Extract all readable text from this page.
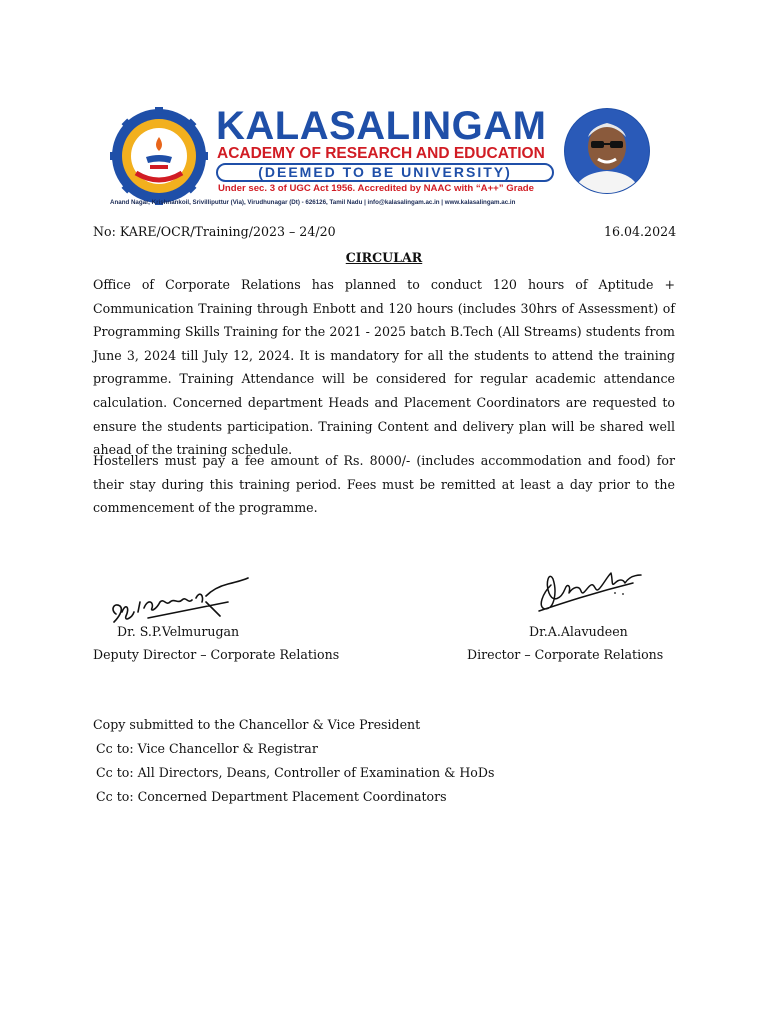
KALASALINGAM
ACADEMY OF RESEARCH AND EDUCATION
(DEEMED TO BE UNIVERSITY)
Under sec. 3 of UGC Act 1956. Accredited by NAAC with “A++” Grade
Anand Nagar, Krishnankoil, Srivilliputtur (Via), Virudhunagar (Dt) - 626126, Tamil Nadu | info@kalasalingam.ac.in | www.kalasalingam.ac.in
No: KARE/OCR/Training/2023 – 24/20	16.04.2024
CIRCULAR
Office of Corporate Relations has planned to conduct 120 hours of Aptitude + Communication Training through Enbott and 120 hours (includes 30hrs of Assessment) of Programming Skills Training for the 2021 - 2025 batch B.Tech (All Streams) students from June 3, 2024 till July 12, 2024. It is mandatory for all the students to attend the training programme. Training Attendance will be considered for regular academic attendance calculation. Concerned department Heads and Placement Coordinators are requested to ensure the students participation. Training Content and delivery plan will be shared well ahead of the training schedule.
Hostellers must pay a fee amount of Rs. 8000/- (includes accommodation and food) for their stay during this training period. Fees must be remitted at least a day prior to the commencement of the programme.
Dr. S.P.Velmurugan
Deputy Director – Corporate Relations
Dr.A.Alavudeen
Director – Corporate Relations
Copy submitted to the Chancellor & Vice President
Cc to: Vice Chancellor & Registrar
Cc to: All Directors, Deans, Controller of Examination & HoDs
Cc to: Concerned Department Placement Coordinators
